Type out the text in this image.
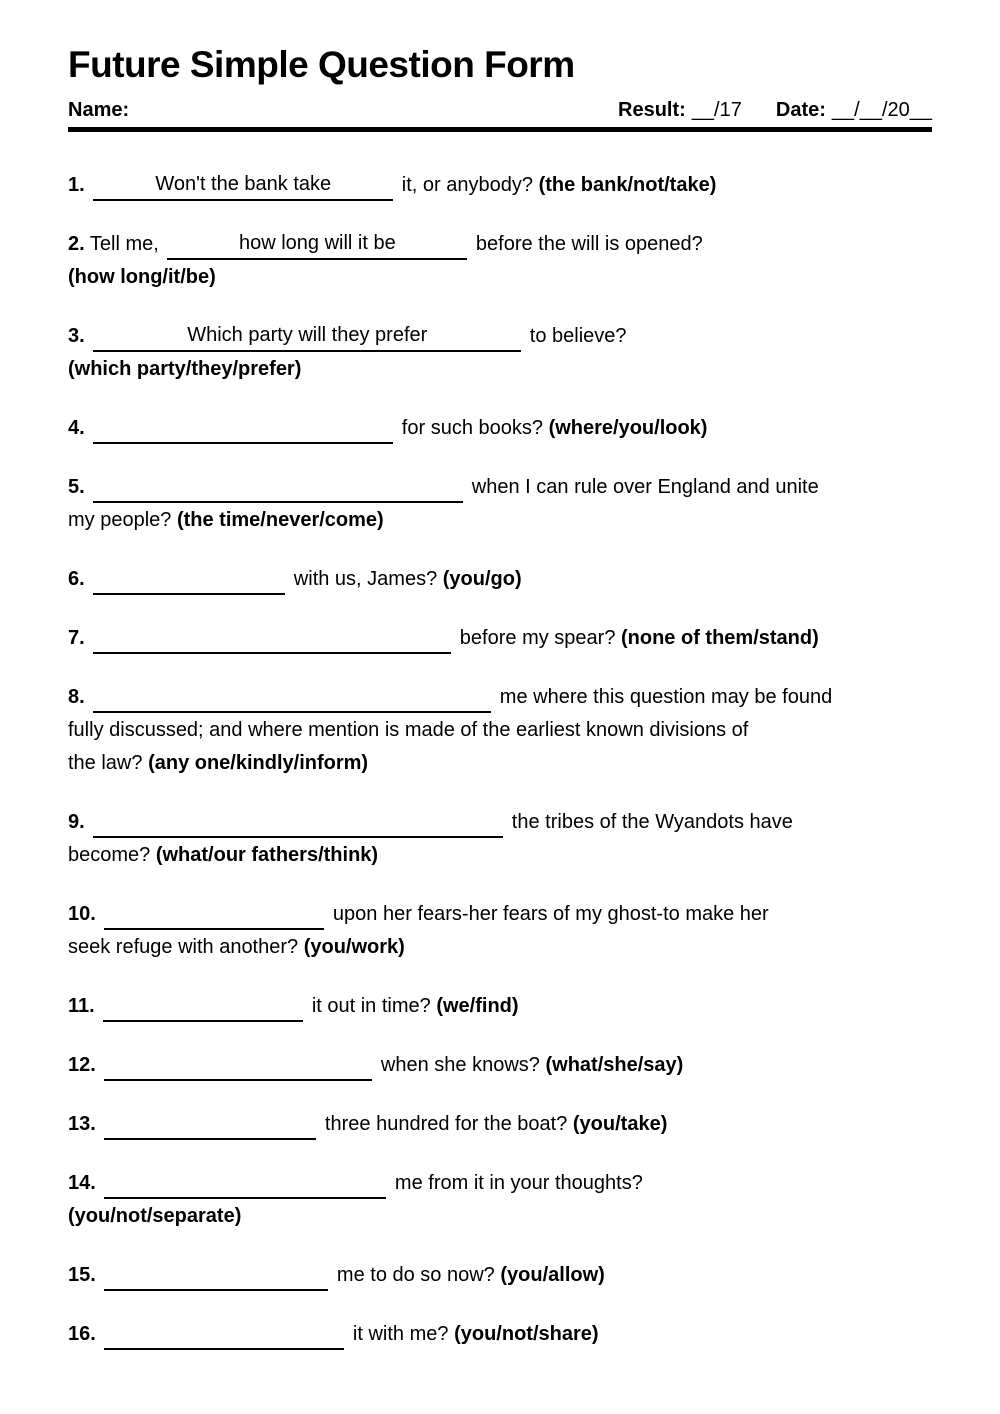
Future Simple Question Form
Name:	Result: __/17 Date: __/__/20__

1.	Won't the bank take	it, or anybody? (the bank/not/take)

2. Tell me,	how long will it be	before the will is opened?
(how long/it/be)

3.	Which party will they prefer	to believe?
(which party/they/prefer)

4.	for such books? (where/you/look)

5.	when I can rule over England and unite
my people? (the time/never/come)

6.	with us, James? (you/go)

7.	before my spear? (none of them/stand)

8.	me where this question may be found
fully discussed; and where mention is made of the earliest known divisions of
the law? (any one/kindly/inform)

9.	the tribes of the Wyandots have
become? (what/our fathers/think)

10.	upon her fears-her fears of my ghost-to make her
seek refuge with another? (you/work)

11.	it out in time? (we/find)

12.	when she knows? (what/she/say)

13.	three hundred for the boat? (you/take)

14.	me from it in your thoughts?
(you/not/separate)

15.	me to do so now? (you/allow)

16.	it with me? (you/not/share)
